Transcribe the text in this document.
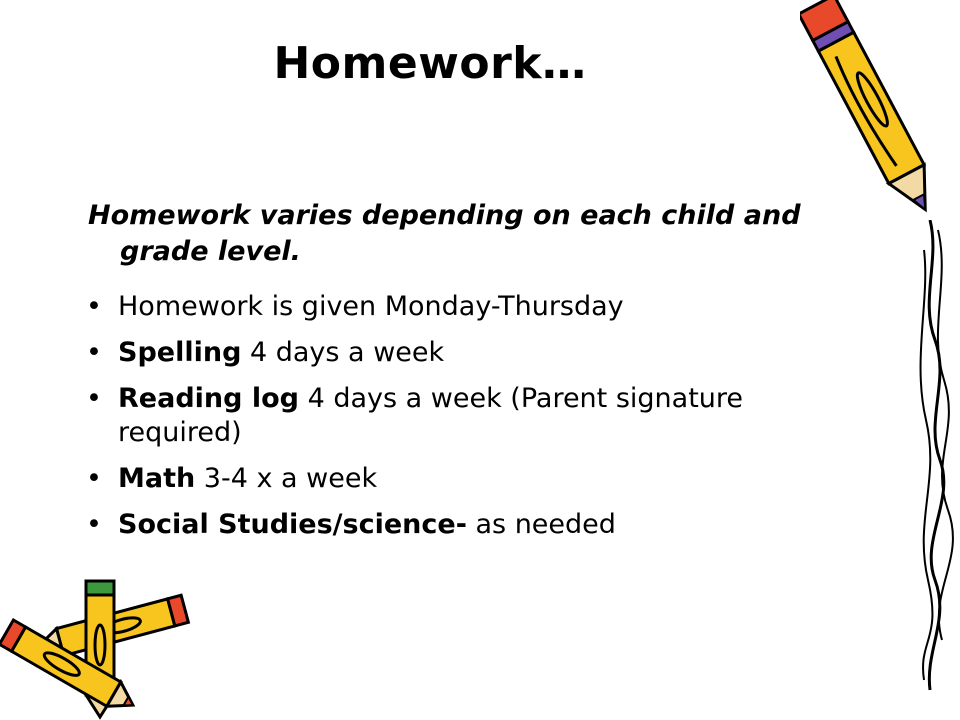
Homework…
Homework varies depending on each child and grade level.
• Homework is given Monday-Thursday
• Spelling 4 days a week
• Reading log 4 days a week (Parent signature required)
• Math 3-4 x a week
• Social Studies/science- as needed
